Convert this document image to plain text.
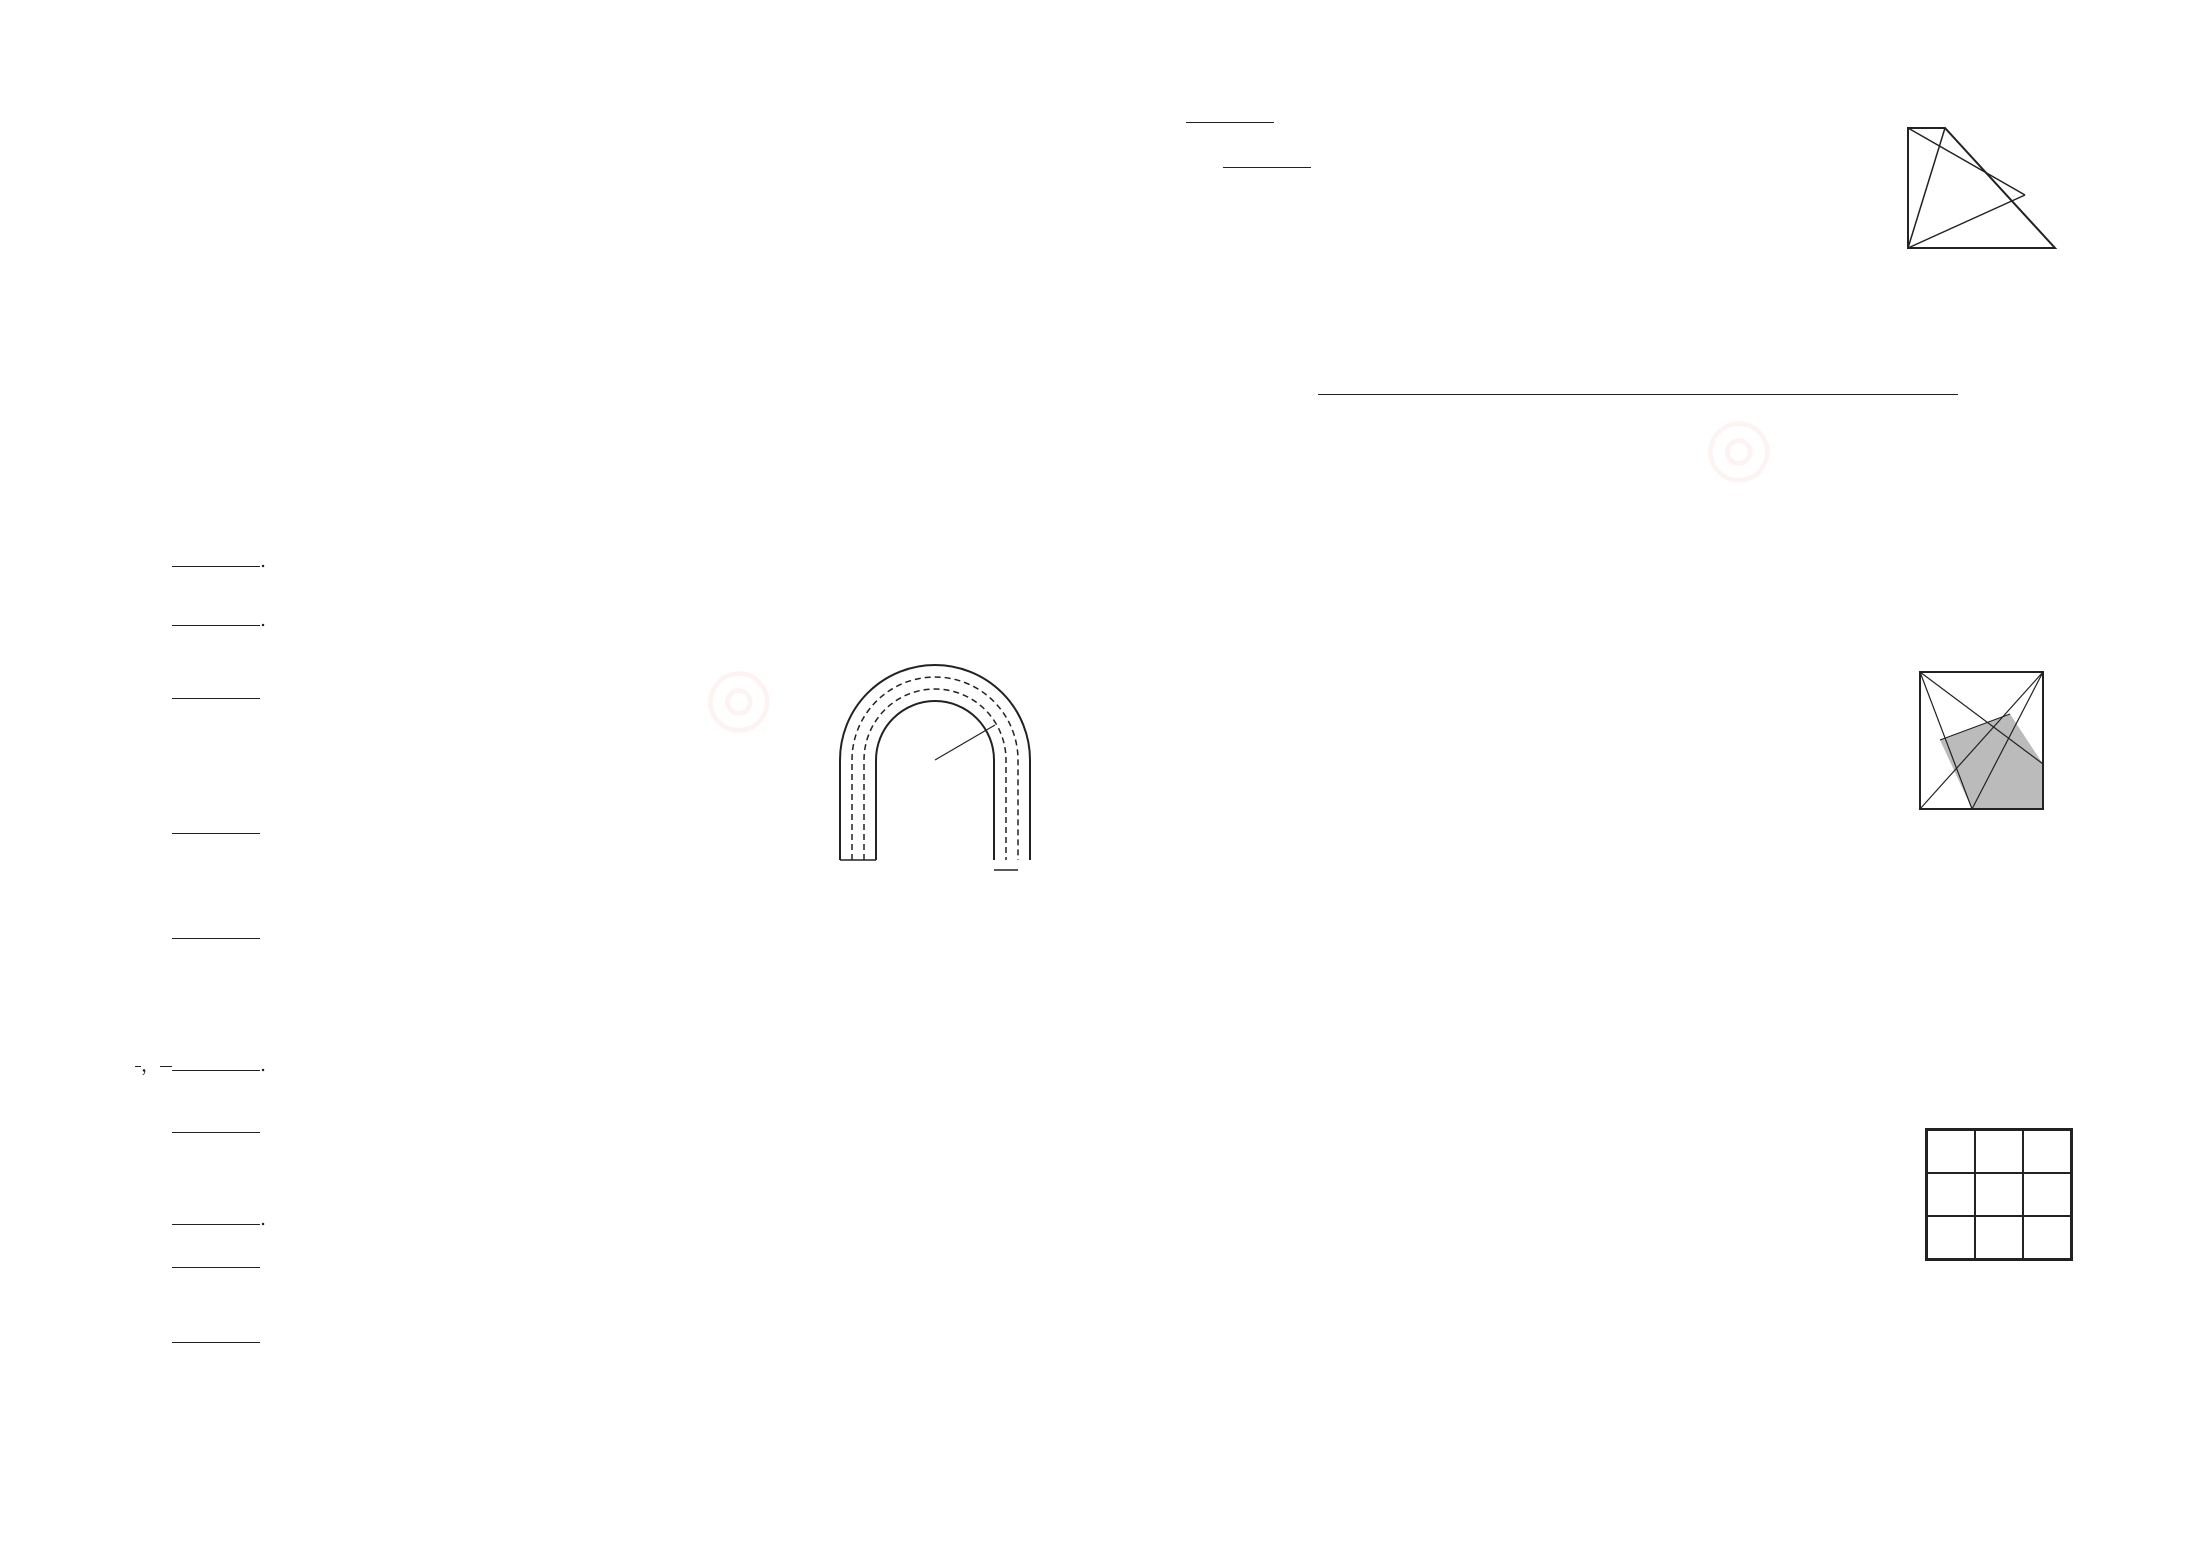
◎
◎
.
.
，	.
.
